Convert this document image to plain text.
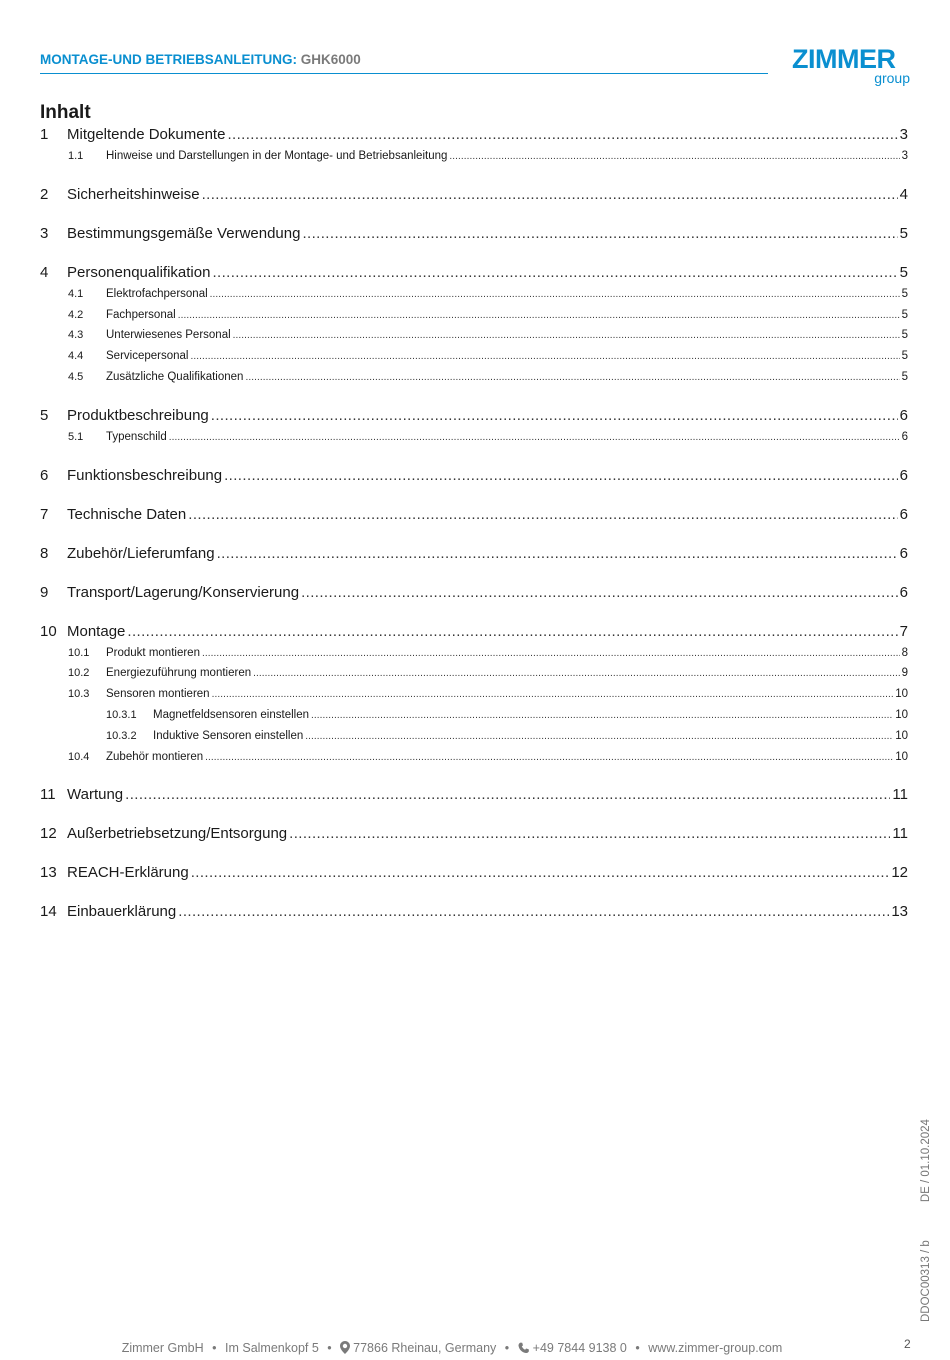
MONTAGE-UND BETRIEBSANLEITUNG: GHK6000	ZIMMER
group
Inhalt
1	Mitgeltende Dokumente .....	3
1.1	Hinweise und Darstellungen in der Montage- und Betriebsanleitung .....	3
2	Sicherheitshinweise .....	4
3	Bestimmungsgemäße Verwendung .....	5
4	Personenqualifikation .....	5
4.1	Elektrofachpersonal .....	5
4.2	Fachpersonal .....	5
4.3	Unterwiesenes Personal .....	5
4.4	Servicepersonal .....	5
4.5	Zusätzliche Qualifikationen .....	5
5	Produktbeschreibung .....	6
5.1	Typenschild .....	6
6	Funktionsbeschreibung .....	6
7	Technische Daten .....	6
8	Zubehör/Lieferumfang .....	6
9	Transport/Lagerung/Konservierung .....	6
10 Montage .....	7
10.1	Produkt montieren .....	8
10.2	Energiezuführung montieren .....	9
10.3	Sensoren montieren .....	10
10.3.1	Magnetfeldsensoren einstellen .....	10
10.3.2	Induktive Sensoren einstellen .....	10
10.4	Zubehör montieren .....	10
11 Wartung .....	11
12 Außerbetriebsetzung/Entsorgung .....	11
13 REACH-Erklärung .....	12
14 Einbauerklärung .....	13
DDOC00313 / bDE / 01.10.2024
Zimmer GmbH • Im Salmenkopf 5 • 77866 Rheinau, Germany • +49 7844 9138 0 • www.zimmer-group.com	2
